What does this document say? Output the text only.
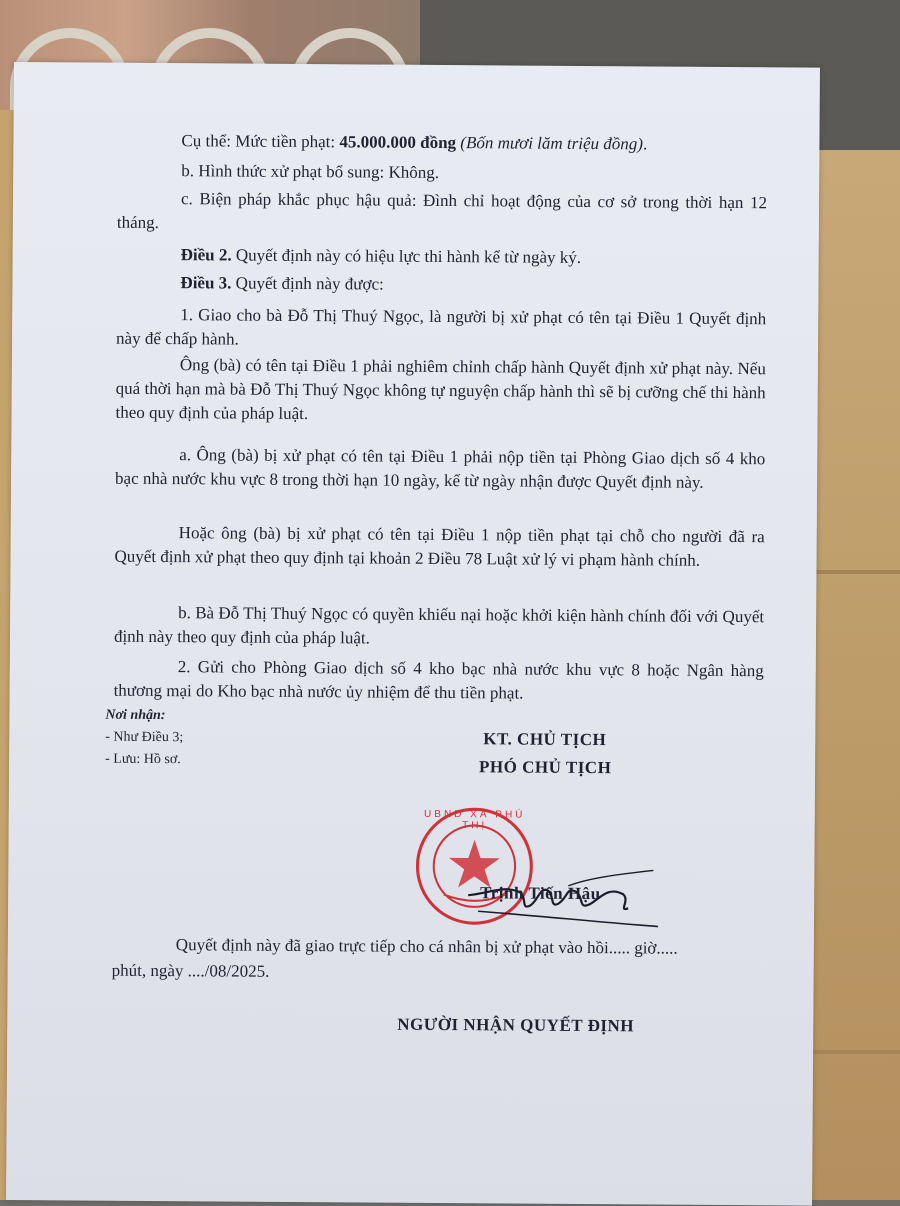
Cụ thể: Mức tiền phạt: 45.000.000 đồng (Bốn mươi lăm triệu đồng).
b. Hình thức xử phạt bổ sung: Không.
c. Biện pháp khắc phục hậu quả: Đình chỉ hoạt động của cơ sở trong thời hạn 12 tháng.
Điều 2. Quyết định này có hiệu lực thi hành kể từ ngày ký.
Điều 3. Quyết định này được:
1. Giao cho bà Đỗ Thị Thuý Ngọc, là người bị xử phạt có tên tại Điều 1 Quyết định này để chấp hành.
Ông (bà) có tên tại Điều 1 phải nghiêm chỉnh chấp hành Quyết định xử phạt này. Nếu quá thời hạn mà bà Đỗ Thị Thuý Ngọc không tự nguyện chấp hành thì sẽ bị cưỡng chế thi hành theo quy định của pháp luật.
a. Ông (bà) bị xử phạt có tên tại Điều 1 phải nộp tiền tại Phòng Giao dịch số 4 kho bạc nhà nước khu vực 8 trong thời hạn 10 ngày, kể từ ngày nhận được Quyết định này.
Hoặc ông (bà) bị xử phạt có tên tại Điều 1 nộp tiền phạt tại chỗ cho người đã ra Quyết định xử phạt theo quy định tại khoản 2 Điều 78 Luật xử lý vi phạm hành chính.
b. Bà Đỗ Thị Thuý Ngọc có quyền khiếu nại hoặc khởi kiện hành chính đối với Quyết định này theo quy định của pháp luật.
2. Gửi cho Phòng Giao dịch số 4 kho bạc nhà nước khu vực 8 hoặc Ngân hàng thương mại do Kho bạc nhà nước ủy nhiệm để thu tiền phạt.
Nơi nhận:
- Như Điều 3;
- Lưu: Hồ sơ.
KT. CHỦ TỊCH
PHÓ CHỦ TỊCH
UBND XÃ PHÚ THỊ
Trịnh Tiến Hậu
Quyết định này đã giao trực tiếp cho cá nhân bị xử phạt vào hồi..... giờ.....
phút, ngày ..../08/2025.
NGƯỜI NHẬN QUYẾT ĐỊNH
